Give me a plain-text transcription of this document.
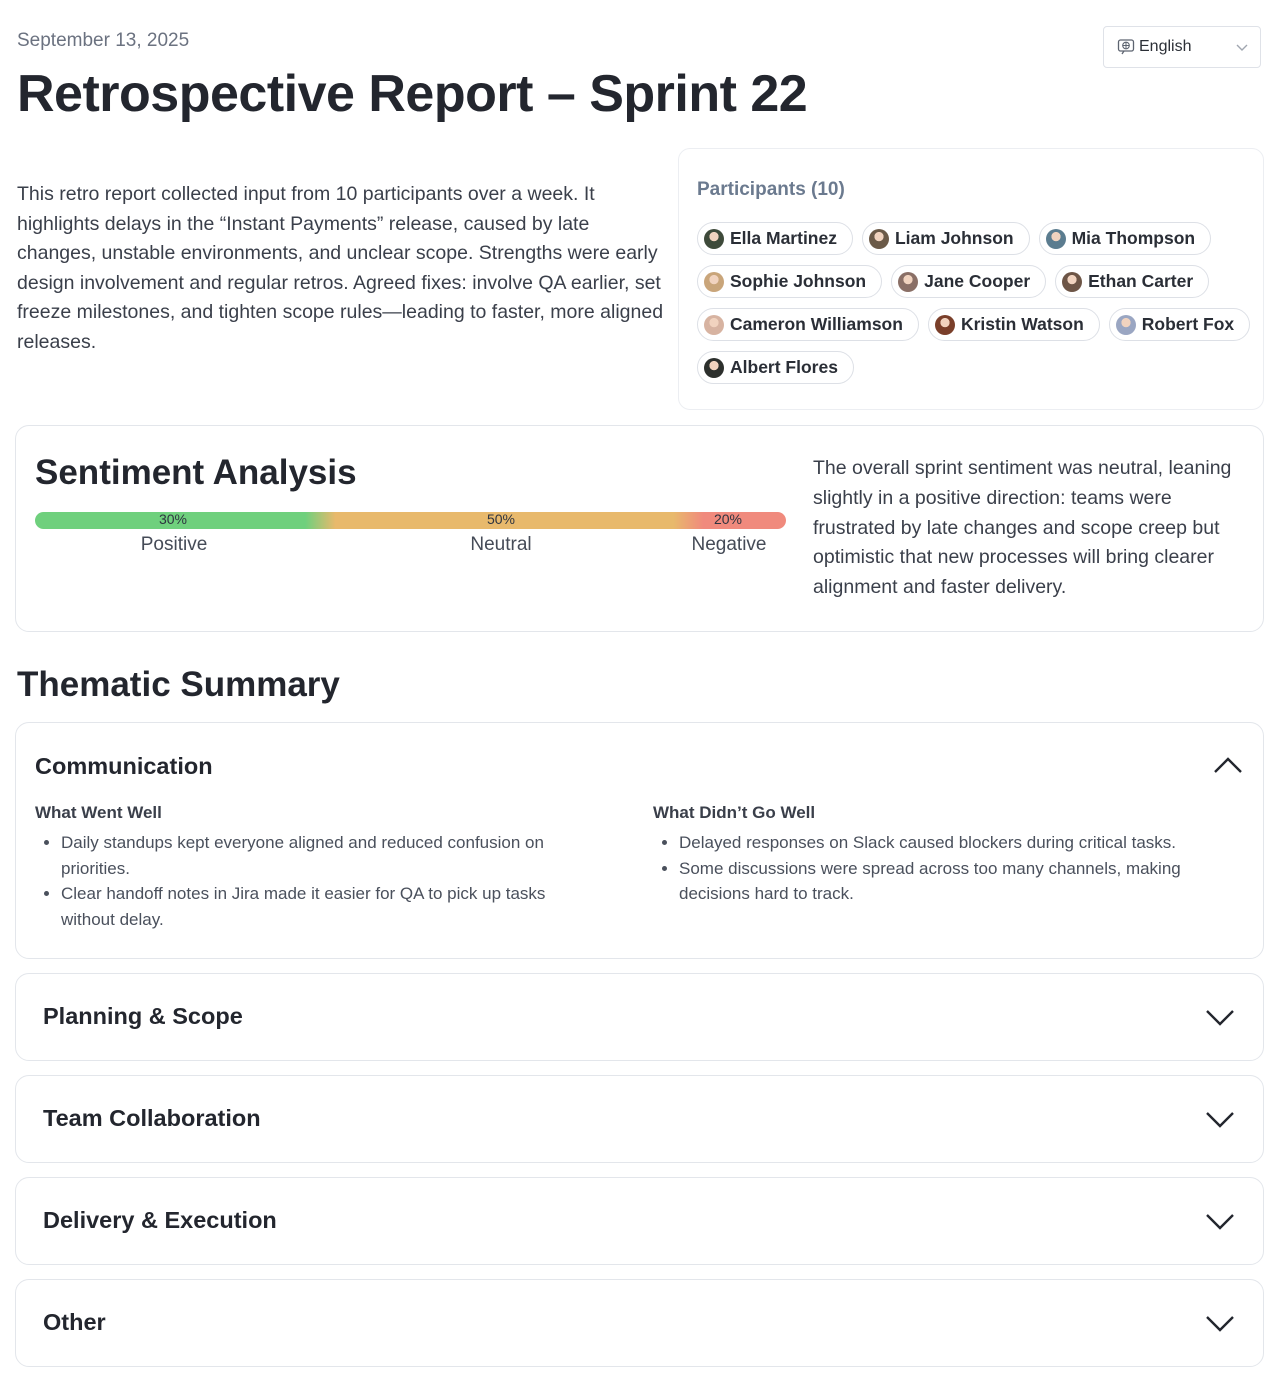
September 13, 2025	English
Retrospective Report – Sprint 22

This retro report collected input from 10 participants over a week. It highlights delays in the “Instant Payments” release, caused by late changes, unstable environments, and unclear scope. Strengths were early design involvement and regular retros. Agreed fixes: involve QA earlier, set freeze milestones, and tighten scope rules—leading to faster, more aligned releases.

Participants (10)
Ella Martinez	Liam Johnson	Mia Thompson
Sophie Johnson	Jane Cooper	Ethan Carter
Cameron Williamson	Kristin Watson	Robert Fox
Albert Flores
Sentiment Analysis
30%	50%	20%
Positive	Neutral	Negative

The overall sprint sentiment was neutral, leaning slightly in a positive direction: teams were frustrated by late changes and scope creep but optimistic that new processes will bring clearer alignment and faster delivery.

Thematic Summary
Communication
What Went Well
• Daily standups kept everyone aligned and reduced confusion on priorities.
• Clear handoff notes in Jira made it easier for QA to pick up tasks without delay.
What Didn’t Go Well
• Delayed responses on Slack caused blockers during critical tasks.
• Some discussions were spread across too many channels, making decisions hard to track.
Planning & Scope
Team Collaboration
Delivery & Execution
Other
